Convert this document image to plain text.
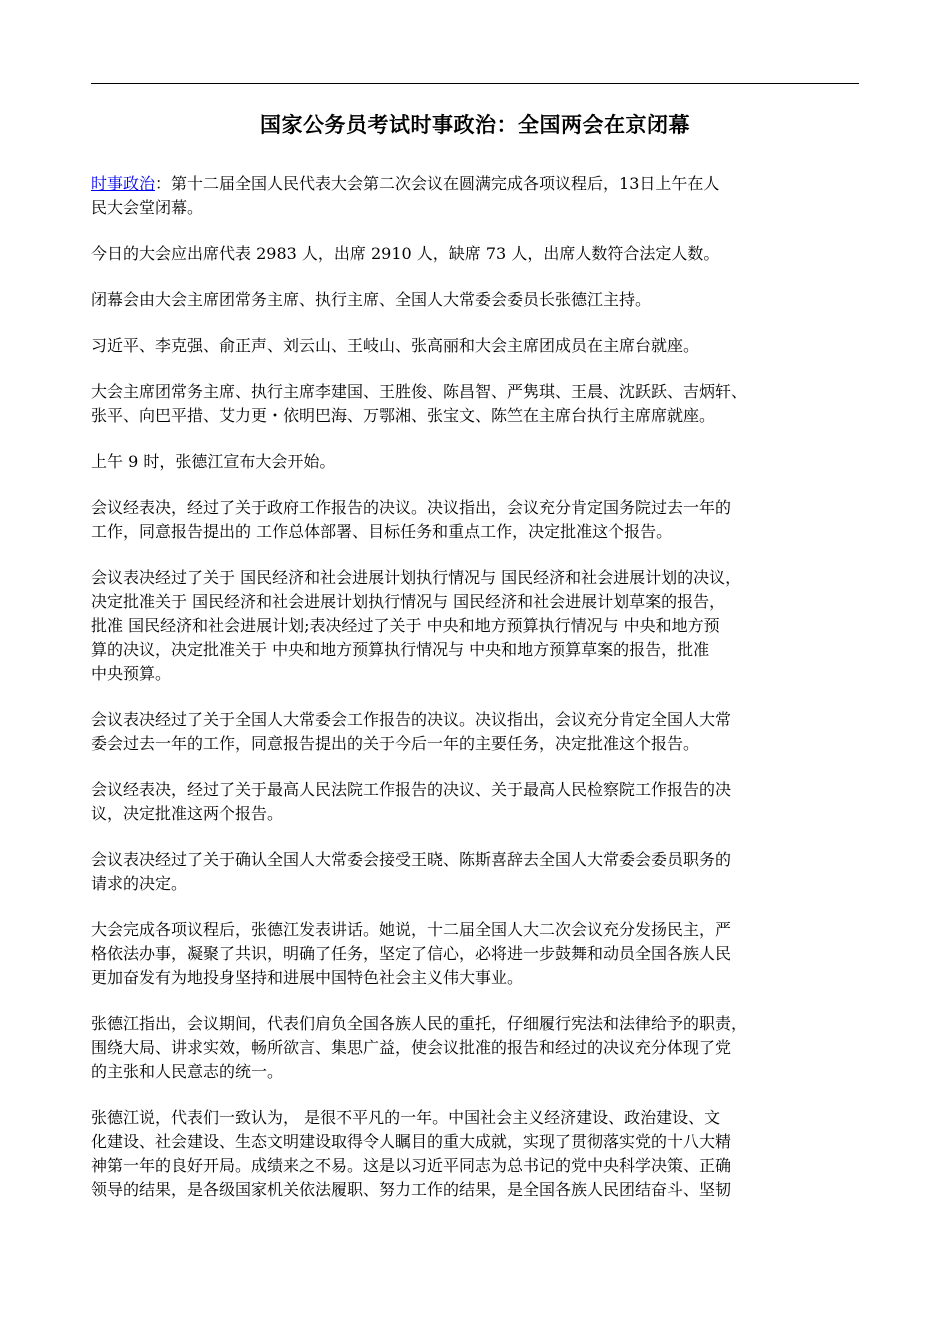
国家公务员考试时事政治：全国两会在京闭幕

时事政治：第十二届全国人民代表大会第二次会议在圆满完成各项议程后，13日上午在人
民大会堂闭幕。

今日的大会应出席代表 2983 人，出席 2910 人，缺席 73 人，出席人数符合法定人数。

闭幕会由大会主席团常务主席、执行主席、全国人大常委会委员长张德江主持。

习近平、李克强、俞正声、刘云山、王岐山、张高丽和大会主席团成员在主席台就座。

大会主席团常务主席、执行主席李建国、王胜俊、陈昌智、严隽琪、王晨、沈跃跃、吉炳轩、
张平、向巴平措、艾力更・依明巴海、万鄂湘、张宝文、陈竺在主席台执行主席席就座。

上午 9 时，张德江宣布大会开始。

会议经表决，经过了关于政府工作报告的决议。决议指出，会议充分肯定国务院过去一年的
工作，同意报告提出的 工作总体部署、目标任务和重点工作，决定批准这个报告。

会议表决经过了关于 国民经济和社会进展计划执行情况与 国民经济和社会进展计划的决议，
决定批准关于 国民经济和社会进展计划执行情况与 国民经济和社会进展计划草案的报告，
批准 国民经济和社会进展计划;表决经过了关于 中央和地方预算执行情况与 中央和地方预
算的决议，决定批准关于 中央和地方预算执行情况与 中央和地方预算草案的报告，批准
中央预算。

会议表决经过了关于全国人大常委会工作报告的决议。决议指出，会议充分肯定全国人大常
委会过去一年的工作，同意报告提出的关于今后一年的主要任务，决定批准这个报告。

会议经表决，经过了关于最高人民法院工作报告的决议、关于最高人民检察院工作报告的决
议，决定批准这两个报告。

会议表决经过了关于确认全国人大常委会接受王晓、陈斯喜辞去全国人大常委会委员职务的
请求的决定。

大会完成各项议程后，张德江发表讲话。她说，十二届全国人大二次会议充分发扬民主，严
格依法办事，凝聚了共识，明确了任务，坚定了信心，必将进一步鼓舞和动员全国各族人民
更加奋发有为地投身坚持和进展中国特色社会主义伟大事业。

张德江指出，会议期间，代表们肩负全国各族人民的重托，仔细履行宪法和法律给予的职责，
围绕大局、讲求实效，畅所欲言、集思广益，使会议批准的报告和经过的决议充分体现了党
的主张和人民意志的统一。

张德江说，代表们一致认为， 是很不平凡的一年。中国社会主义经济建设、政治建设、文
化建设、社会建设、生态文明建设取得令人瞩目的重大成就，实现了贯彻落实党的十八大精
神第一年的良好开局。成绩来之不易。这是以习近平同志为总书记的党中央科学决策、正确
领导的结果，是各级国家机关依法履职、努力工作的结果，是全国各族人民团结奋斗、坚韧
